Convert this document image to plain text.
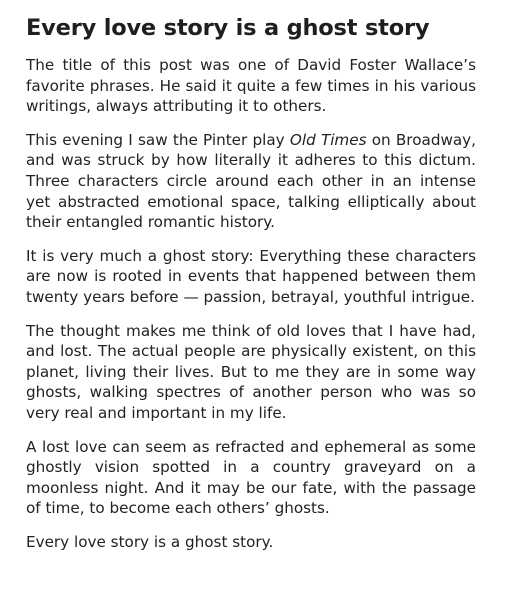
Every love story is a ghost story

The title of this post was one of David Foster Wallace’s favorite phrases. He said it quite a few times in his various writings, always attributing it to others.

This evening I saw the Pinter play Old Times on Broadway, and was struck by how literally it adheres to this dictum. Three characters circle around each other in an intense yet abstracted emotional space, talking elliptically about their entangled romantic history.

It is very much a ghost story: Everything these characters are now is rooted in events that happened between them twenty years before — passion, betrayal, youthful intrigue.

The thought makes me think of old loves that I have had, and lost. The actual people are physically existent, on this planet, living their lives. But to me they are in some way ghosts, walking spectres of another person who was so very real and important in my life.

A lost love can seem as refracted and ephemeral as some ghostly vision spotted in a country graveyard on a moonless night. And it may be our fate, with the passage of time, to become each others’ ghosts.

Every love story is a ghost story.
